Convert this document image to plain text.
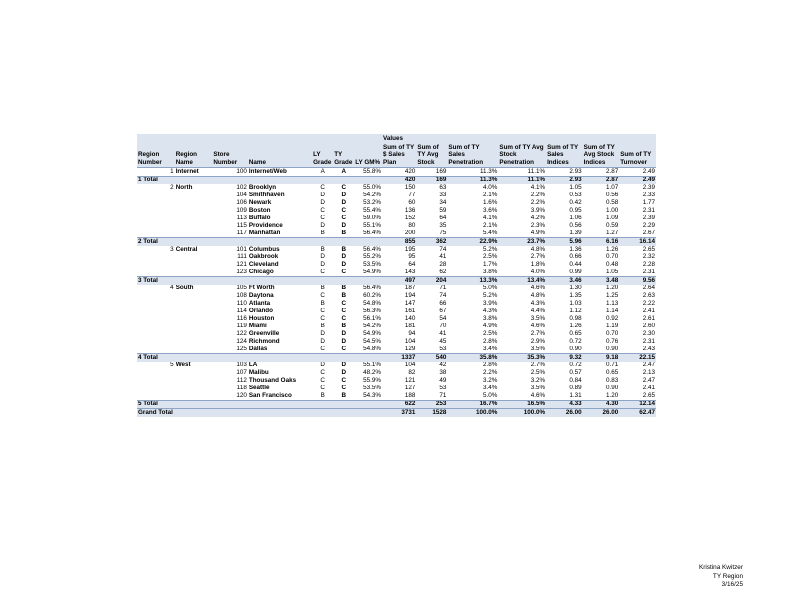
							Values						
Region Number	Region Name	Store Number	Name	LY Grade	TY Grade	LY GM%	Sum of TY $ Sales Plan	Sum of TY Avg Stock	Sum of TY Sales Penetration	Sum of TY Avg Stock Penetration	Sum of TY Sales Indices	Sum of TY Avg Stock Indices	Sum of TY Turnover
1	Internet	100	Internet/Web	A	A	55.8%	420	169	11.3%	11.1%	2.93	2.87	2.49
1 Total							420	169	11.3%	11.1%	2.93	2.87	2.49
2	North	102	Brooklyn	C	C	55.0%	150	63	4.0%	4.1%	1.05	1.07	2.39
		104	Smithhaven	D	D	54.2%	77	33	2.1%	2.2%	0.53	0.56	2.33
		106	Newark	D	D	53.2%	60	34	1.6%	2.2%	0.42	0.58	1.77
		109	Boston	C	C	55.4%	136	59	3.6%	3.9%	0.95	1.00	2.31
		113	Buffalo	C	C	59.0%	152	64	4.1%	4.2%	1.06	1.09	2.39
		115	Providence	D	D	55.1%	80	35	2.1%	2.3%	0.56	0.59	2.29
		117	Manhattan	B	B	56.4%	200	75	5.4%	4.9%	1.39	1.27	2.67
2 Total							855	362	22.9%	23.7%	5.96	6.16	16.14
3	Central	101	Columbus	B	B	56.4%	195	74	5.2%	4.8%	1.36	1.26	2.65
		111	Oakbrook	D	D	55.2%	95	41	2.5%	2.7%	0.66	0.70	2.32
		121	Cleveland	D	D	53.5%	64	28	1.7%	1.8%	0.44	0.48	2.28
		123	Chicago	C	C	54.9%	143	62	3.8%	4.0%	0.99	1.05	2.31
3 Total							497	204	13.3%	13.4%	3.46	3.48	9.56
4	South	105	Ft Worth	B	B	56.4%	187	71	5.0%	4.6%	1.30	1.20	2.64
		108	Daytona	C	B	60.2%	194	74	5.2%	4.8%	1.35	1.25	2.63
		110	Atlanta	B	C	54.8%	147	66	3.9%	4.3%	1.03	1.13	2.22
		114	Orlando	C	C	56.3%	161	67	4.3%	4.4%	1.12	1.14	2.41
		116	Houston	C	C	56.1%	140	54	3.8%	3.5%	0.98	0.92	2.61
		119	Miami	B	B	54.2%	181	70	4.9%	4.6%	1.26	1.19	2.60
		122	Greenville	D	D	54.9%	94	41	2.5%	2.7%	0.65	0.70	2.30
		124	Richmond	D	D	54.5%	104	45	2.8%	2.9%	0.72	0.76	2.31
		125	Dallas	C	C	54.8%	129	53	3.4%	3.5%	0.90	0.90	2.43
4 Total							1337	540	35.8%	35.3%	9.32	9.18	22.15
5	West	103	LA	D	D	55.1%	104	42	2.8%	2.7%	0.72	0.71	2.47
		107	Malibu	C	D	48.2%	82	38	2.2%	2.5%	0.57	0.65	2.13
		112	Thousand Oaks	C	C	55.9%	121	49	3.2%	3.2%	0.84	0.83	2.47
		118	Seattle	C	C	53.5%	127	53	3.4%	3.5%	0.89	0.90	2.41
		120	San Francisco	B	B	54.3%	188	71	5.0%	4.6%	1.31	1.20	2.65
5 Total							622	253	16.7%	16.5%	4.33	4.30	12.14
Grand Total							3731	1528	100.0%	100.0%	26.00	26.00	62.47
Kristina Kwitzer
TY Region
3/16/25
